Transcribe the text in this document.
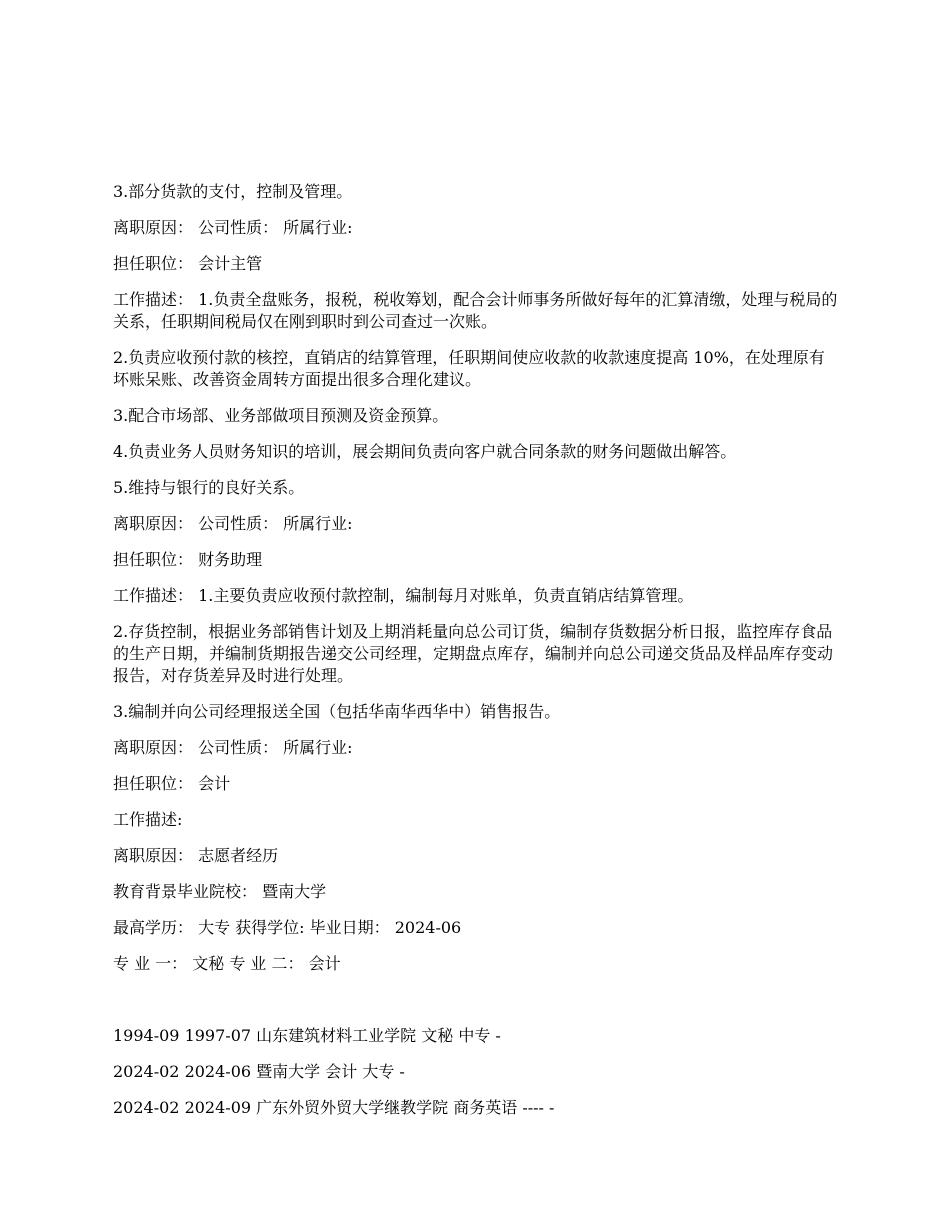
3.部分货款的支付，控制及管理。

离职原因： 公司性质： 所属行业:

担任职位： 会计主管

工作描述： 1.负责全盘账务，报税，税收筹划，配合会计师事务所做好每年的汇算清缴，处理与税局的关系，任职期间税局仅在刚到职时到公司查过一次账。

2.负责应收预付款的核控，直销店的结算管理，任职期间使应收款的收款速度提高 10%，在处理原有坏账呆账、改善资金周转方面提出很多合理化建议。

3.配合市场部、业务部做项目预测及资金预算。

4.负责业务人员财务知识的培训，展会期间负责向客户就合同条款的财务问题做出解答。

5.维持与银行的良好关系。

离职原因： 公司性质： 所属行业:

担任职位： 财务助理

工作描述： 1.主要负责应收预付款控制，编制每月对账单，负责直销店结算管理。

2.存货控制，根据业务部销售计划及上期消耗量向总公司订货，编制存货数据分析日报，监控库存食品的生产日期，并编制货期报告递交公司经理，定期盘点库存，编制并向总公司递交货品及样品库存变动报告，对存货差异及时进行处理。

3.编制并向公司经理报送全国（包括华南华西华中）销售报告。

离职原因： 公司性质： 所属行业:

担任职位： 会计

工作描述:

离职原因： 志愿者经历

教育背景毕业院校： 暨南大学

最高学历： 大专 获得学位: 毕业日期： 2024-06

专 业 一： 文秘 专 业 二： 会计

1994-09 1997-07 山东建筑材料工业学院 文秘 中专 -

2024-02 2024-06 暨南大学 会计 大专 -

2024-02 2024-09 广东外贸外贸大学继教学院 商务英语 ---- -
